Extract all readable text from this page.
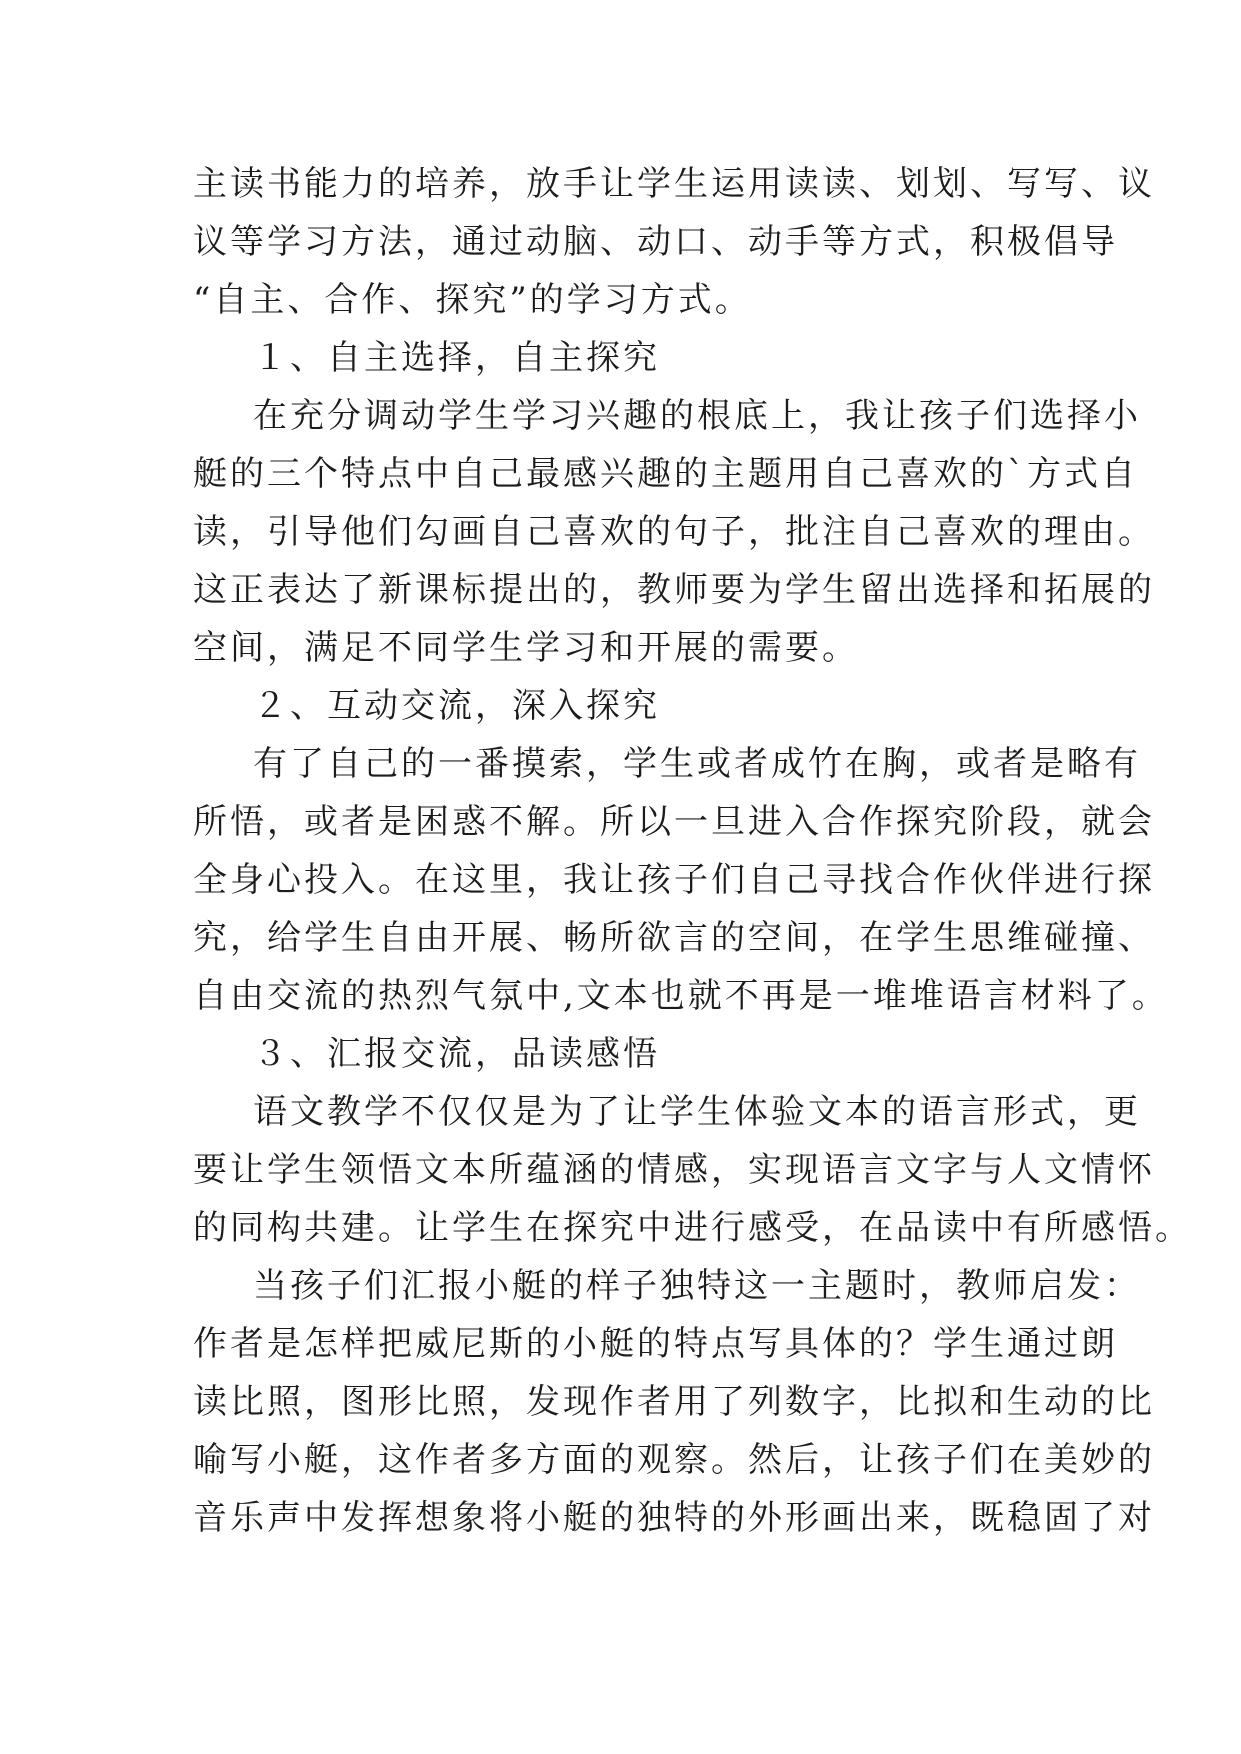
主读书能力的培养，放手让学生运用读读、划划、写写、议
议等学习方法，通过动脑、动口、动手等方式，积极倡导
“自主、合作、探究”的学习方式。
１、自主选择，自主探究
在充分调动学生学习兴趣的根底上，我让孩子们选择小
艇的三个特点中自己最感兴趣的主题用自己喜欢的`方式自
读，引导他们勾画自己喜欢的句子，批注自己喜欢的理由。
这正表达了新课标提出的，教师要为学生留出选择和拓展的
空间，满足不同学生学习和开展的需要。
２、互动交流，深入探究
有了自己的一番摸索，学生或者成竹在胸，或者是略有
所悟，或者是困惑不解。所以一旦进入合作探究阶段，就会
全身心投入。在这里，我让孩子们自己寻找合作伙伴进行探
究，给学生自由开展、畅所欲言的空间，在学生思维碰撞、
自由交流的热烈气氛中,文本也就不再是一堆堆语言材料了。
３、汇报交流，品读感悟
语文教学不仅仅是为了让学生体验文本的语言形式，更
要让学生领悟文本所蕴涵的情感，实现语言文字与人文情怀
的同构共建。让学生在探究中进行感受，在品读中有所感悟。
当孩子们汇报小艇的样子独特这一主题时，教师启发：
作者是怎样把威尼斯的小艇的特点写具体的？学生通过朗
读比照，图形比照，发现作者用了列数字，比拟和生动的比
喻写小艇，这作者多方面的观察。然后，让孩子们在美妙的
音乐声中发挥想象将小艇的独特的外形画出来，既稳固了对
